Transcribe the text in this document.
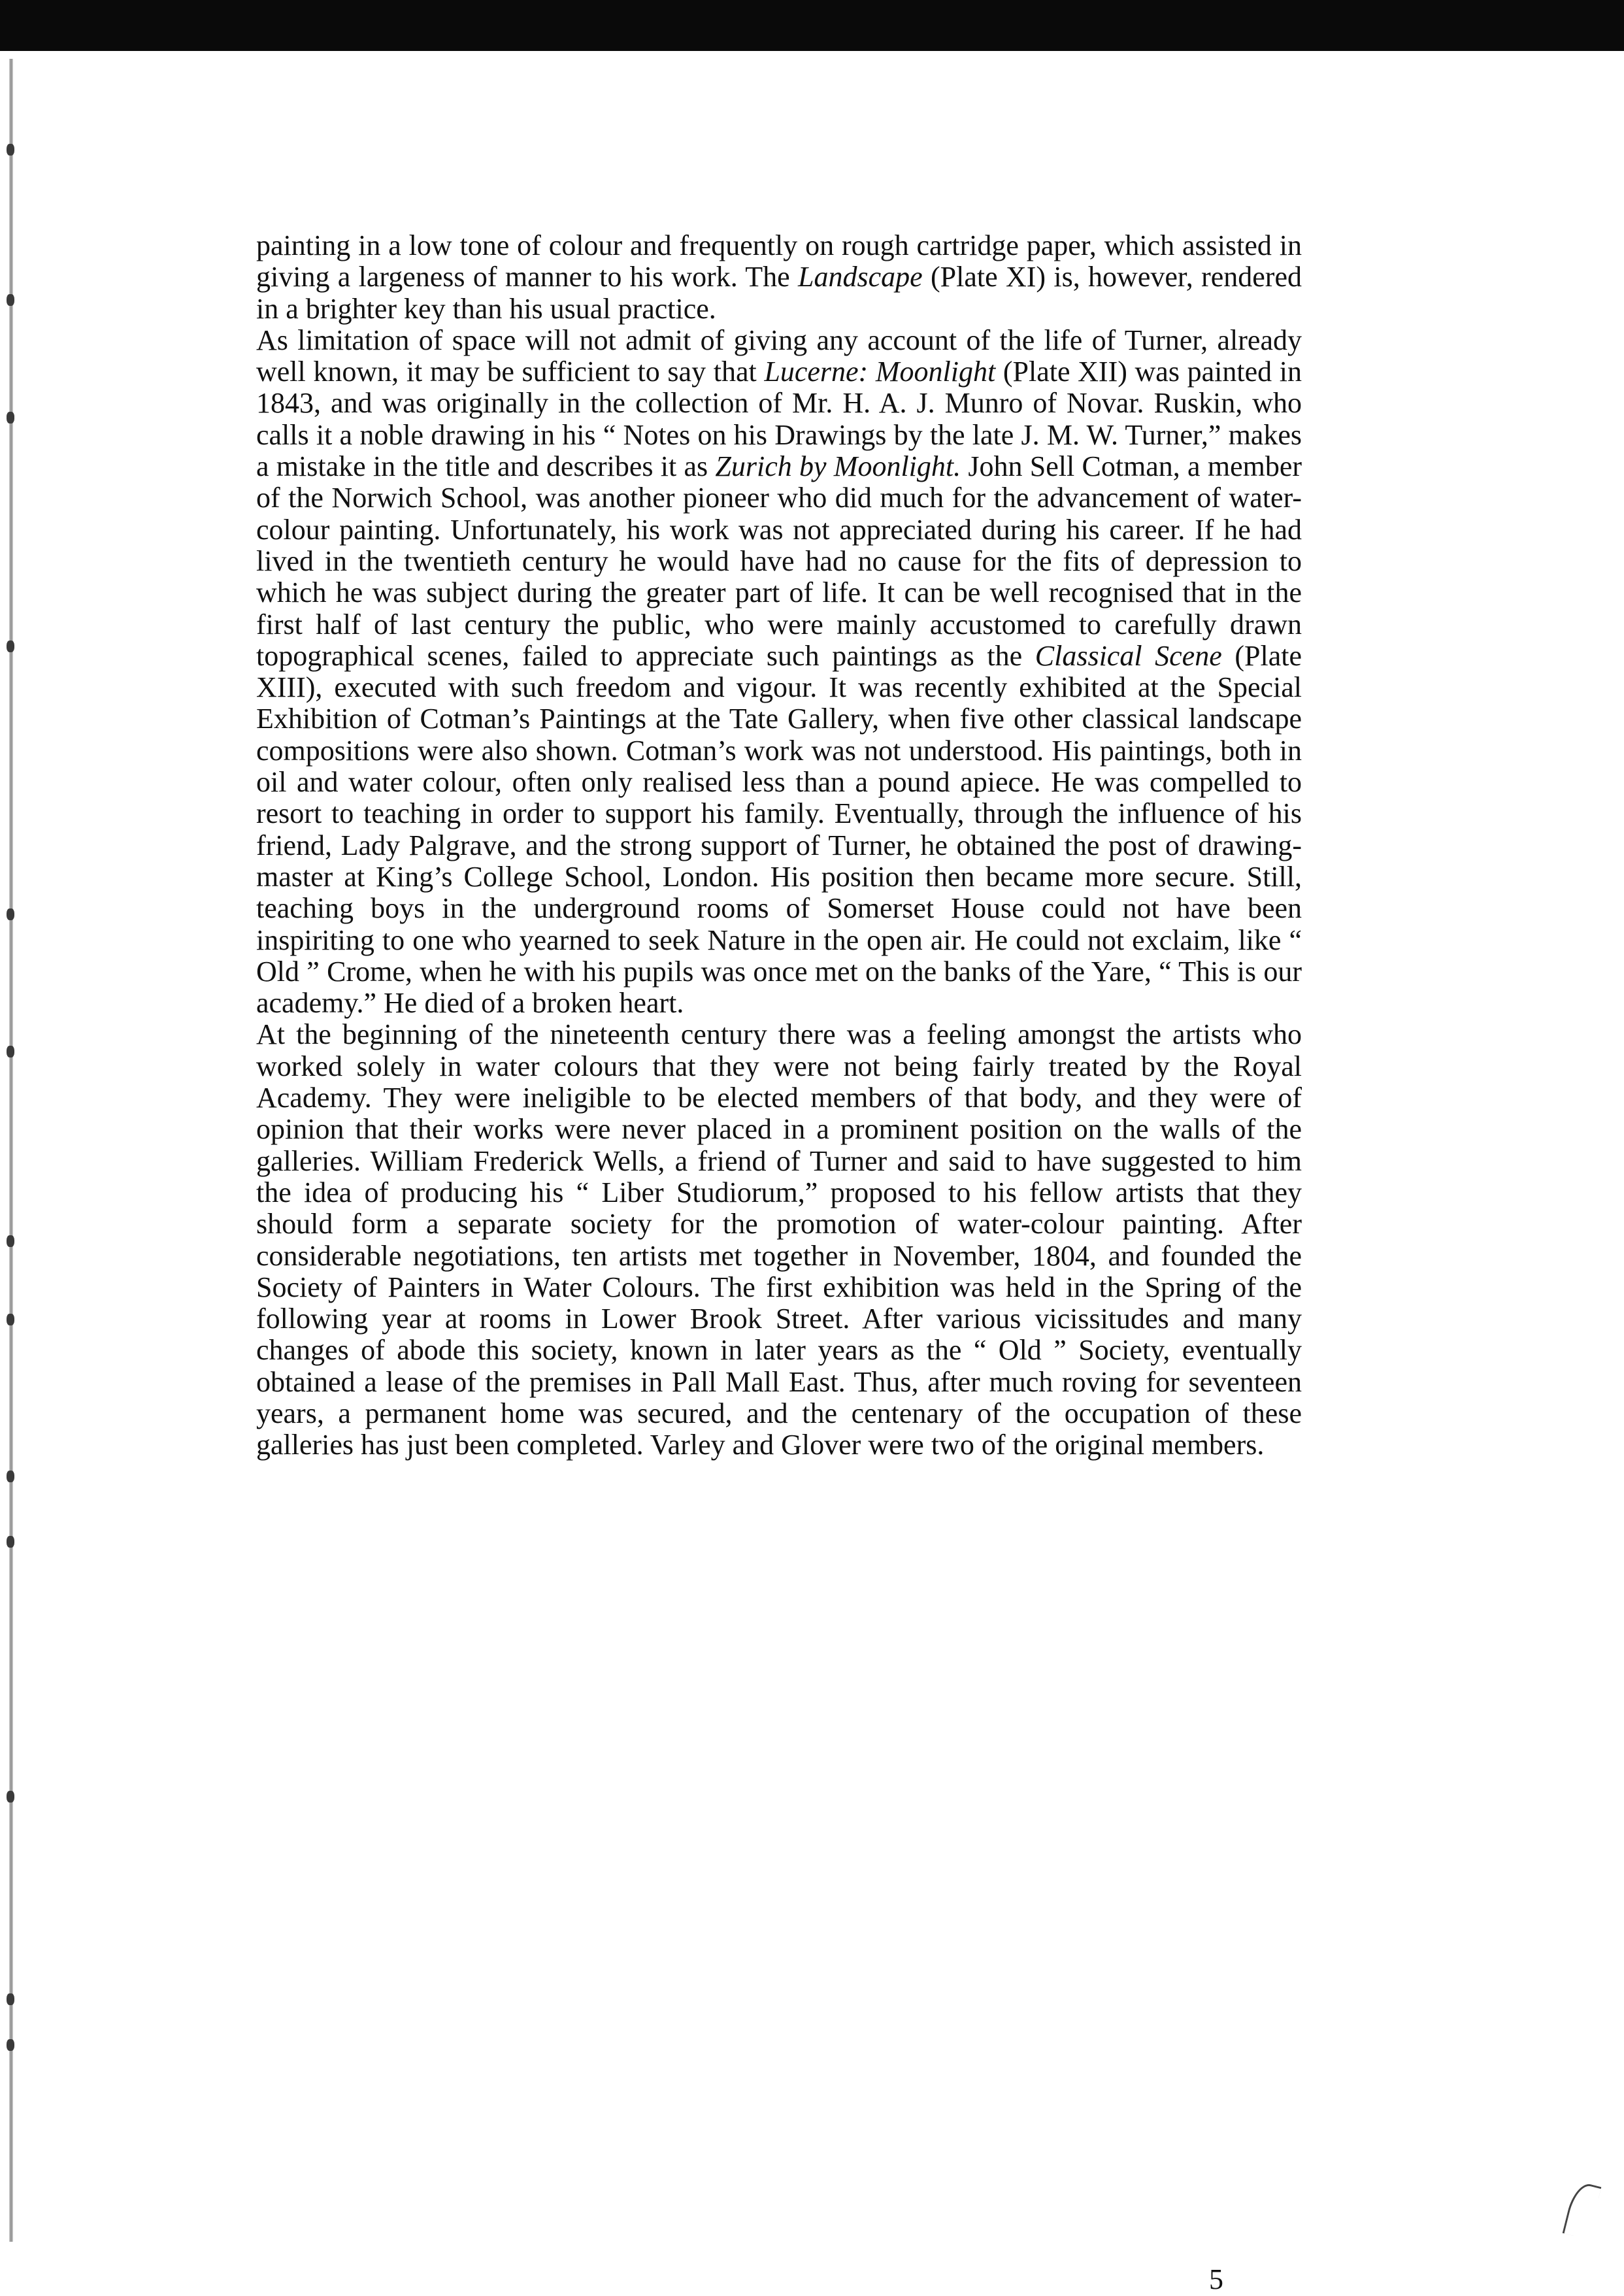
painting in a low tone of colour and frequently on rough cartridge paper, which assisted in giving a largeness of manner to his work. The Landscape (Plate XI) is, however, rendered in a brighter key than his usual practice.

As limitation of space will not admit of giving any account of the life of Turner, already well known, it may be sufficient to say that Lucerne: Moonlight (Plate XII) was painted in 1843, and was originally in the collection of Mr. H. A. J. Munro of Novar. Ruskin, who calls it a noble drawing in his “ Notes on his Drawings by the late J. M. W. Turner,” makes a mistake in the title and describes it as Zurich by Moonlight. John Sell Cotman, a member of the Norwich School, was another pioneer who did much for the advancement of water-colour painting. Unfortunately, his work was not appreciated during his career. If he had lived in the twentieth century he would have had no cause for the fits of depression to which he was subject during the greater part of life. It can be well recognised that in the first half of last century the public, who were mainly accustomed to carefully drawn topographical scenes, failed to appreciate such paintings as the Classical Scene (Plate XIII), executed with such freedom and vigour. It was recently exhibited at the Special Exhibition of Cotman’s Paintings at the Tate Gallery, when five other classical landscape compositions were also shown. Cotman’s work was not understood. His paintings, both in oil and water colour, often only realised less than a pound apiece. He was compelled to resort to teaching in order to support his family. Eventually, through the influence of his friend, Lady Palgrave, and the strong support of Turner, he obtained the post of drawing-master at King’s College School, London. His position then became more secure. Still, teaching boys in the underground rooms of Somerset House could not have been inspiriting to one who yearned to seek Nature in the open air. He could not exclaim, like “ Old ” Crome, when he with his pupils was once met on the banks of the Yare, “ This is our academy.” He died of a broken heart.

At the beginning of the nineteenth century there was a feeling amongst the artists who worked solely in water colours that they were not being fairly treated by the Royal Academy. They were ineligible to be elected members of that body, and they were of opinion that their works were never placed in a prominent position on the walls of the galleries. William Frederick Wells, a friend of Turner and said to have suggested to him the idea of producing his “ Liber Studiorum,” proposed to his fellow artists that they should form a separate society for the promotion of water-colour painting. After considerable negotiations, ten artists met together in November, 1804, and founded the Society of Painters in Water Colours. The first exhibition was held in the Spring of the following year at rooms in Lower Brook Street. After various vicissitudes and many changes of abode this society, known in later years as the “ Old ” Society, eventually obtained a lease of the premises in Pall Mall East. Thus, after much roving for seventeen years, a permanent home was secured, and the centenary of the occupation of these galleries has just been completed. Varley and Glover were two of the original members.

5
